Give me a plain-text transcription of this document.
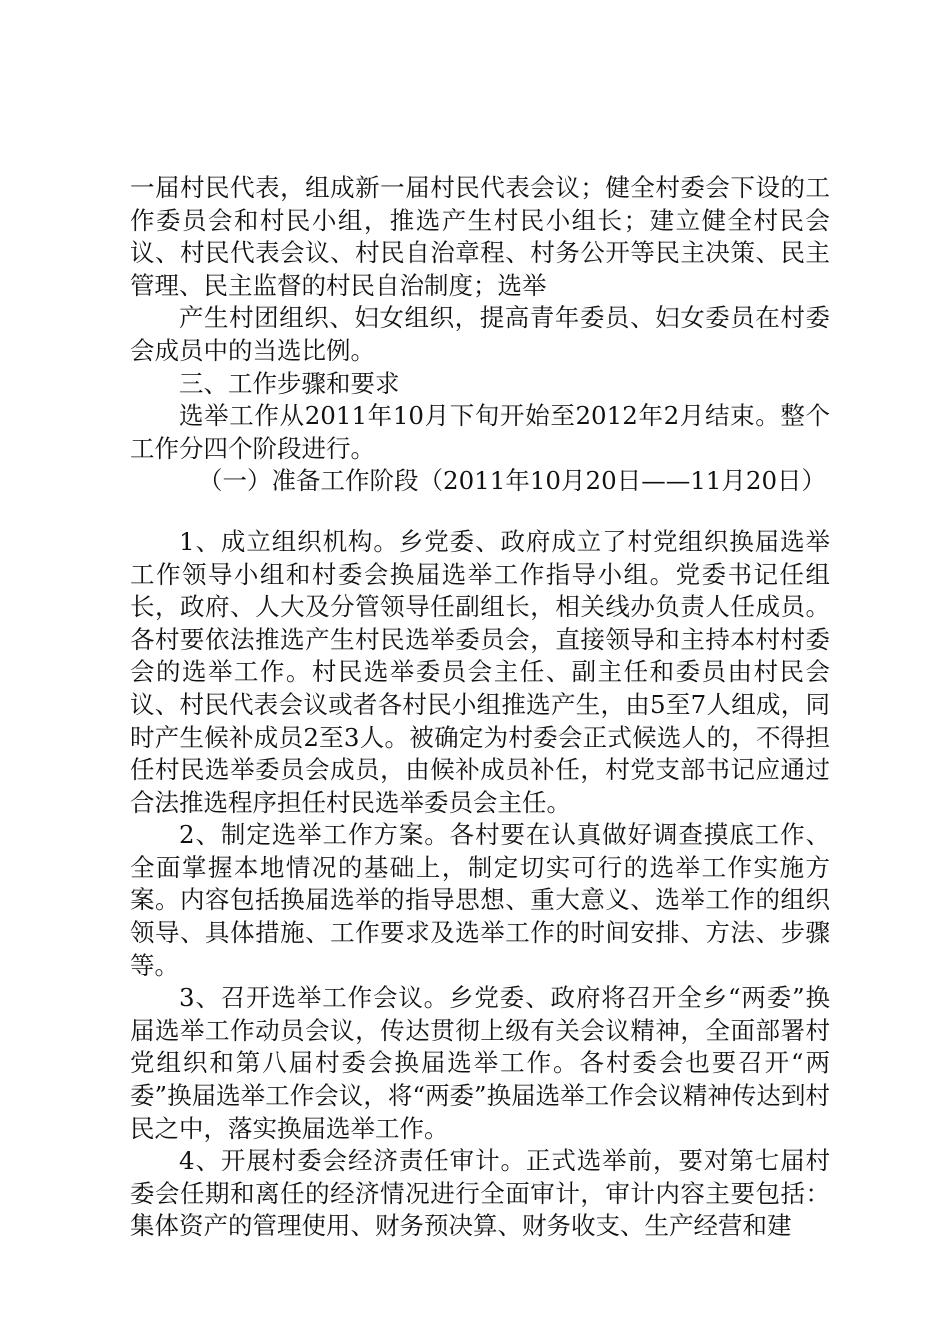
一届村民代表，组成新一届村民代表会议；健全村委会下设的工作委员会和村民小组，推选产生村民小组长；建立健全村民会议、村民代表会议、村民自治章程、村务公开等民主决策、民主管理、民主监督的村民自治制度；选举

产生村团组织、妇女组织，提高青年委员、妇女委员在村委会成员中的当选比例。

三、工作步骤和要求

选举工作从2011年10月下旬开始至2012年2月结束。整个工作分四个阶段进行。

（一）准备工作阶段（2011年10月20日——11月20日）

1、成立组织机构。乡党委、政府成立了村党组织换届选举工作领导小组和村委会换届选举工作指导小组。党委书记任组长，政府、人大及分管领导任副组长，相关线办负责人任成员。各村要依法推选产生村民选举委员会，直接领导和主持本村村委会的选举工作。村民选举委员会主任、副主任和委员由村民会议、村民代表会议或者各村民小组推选产生，由5至7人组成，同时产生候补成员2至3人。被确定为村委会正式候选人的，不得担任村民选举委员会成员，由候补成员补任，村党支部书记应通过合法推选程序担任村民选举委员会主任。

2、制定选举工作方案。各村要在认真做好调查摸底工作、全面掌握本地情况的基础上，制定切实可行的选举工作实施方案。内容包括换届选举的指导思想、重大意义、选举工作的组织领导、具体措施、工作要求及选举工作的时间安排、方法、步骤等。

3、召开选举工作会议。乡党委、政府将召开全乡“两委”换届选举工作动员会议，传达贯彻上级有关会议精神，全面部署村党组织和第八届村委会换届选举工作。各村委会也要召开“两委”换届选举工作会议，将“两委”换届选举工作会议精神传达到村民之中，落实换届选举工作。

4、开展村委会经济责任审计。正式选举前，要对第七届村委会任期和离任的经济情况进行全面审计，审计内容主要包括：集体资产的管理使用、财务预决算、财务收支、生产经营和建
